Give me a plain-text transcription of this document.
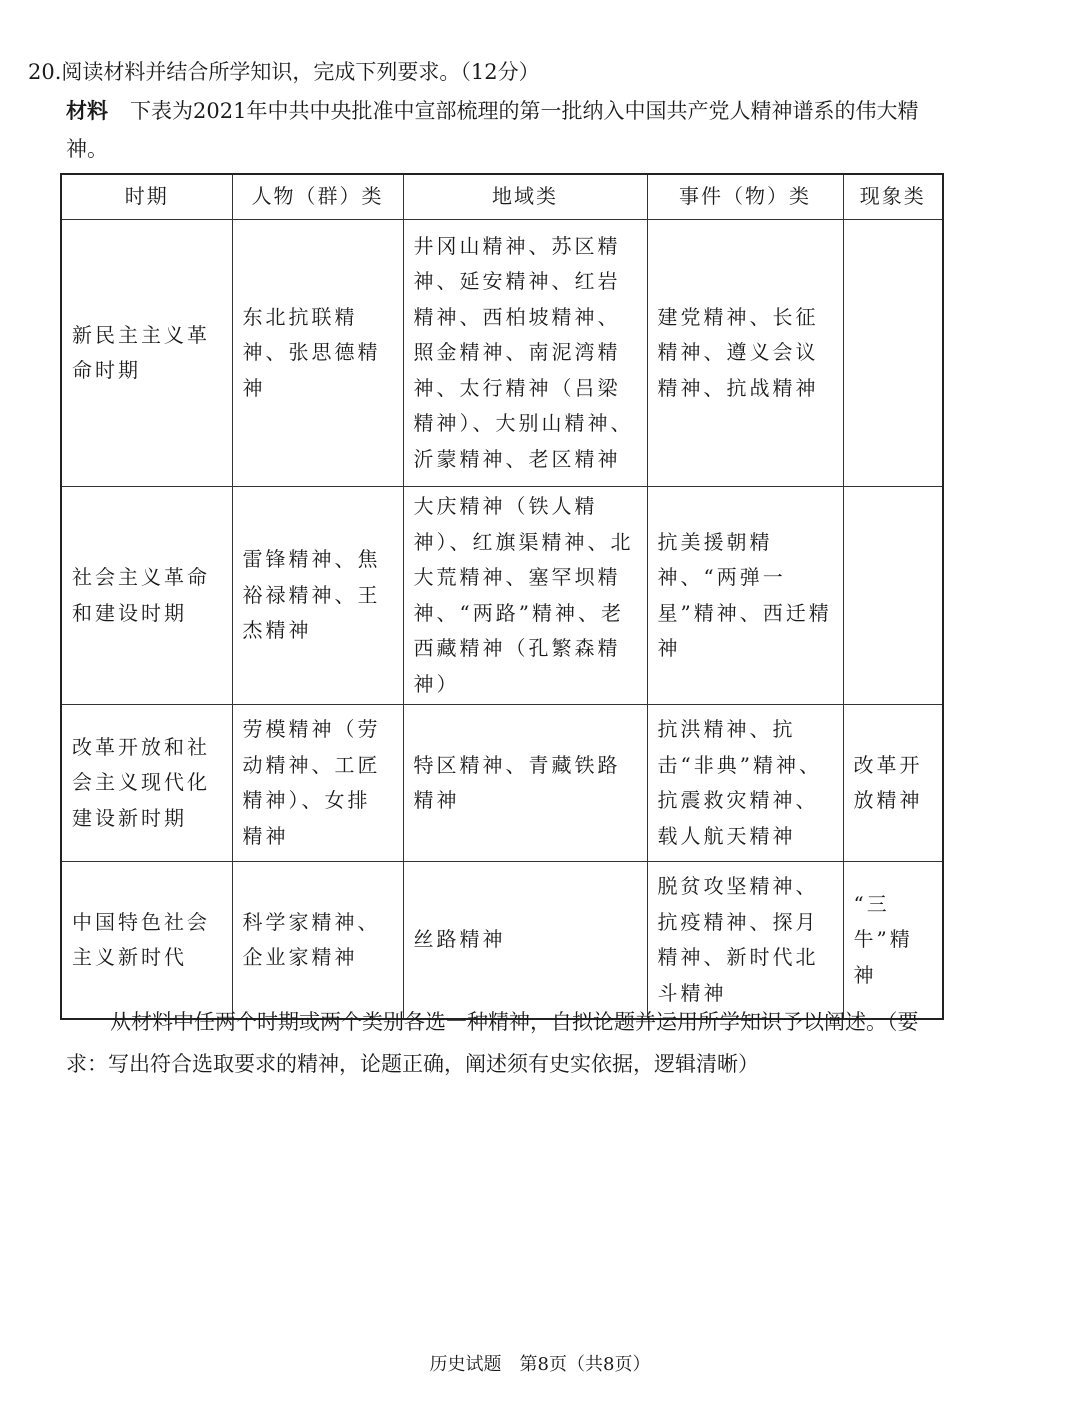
20.阅读材料并结合所学知识，完成下列要求。（12分）
材料 下表为2021年中共中央批准中宣部梳理的第一批纳入中国共产党人精神谱系的伟大精神。
时期	人物（群）类	地域类	事件（物）类	现象类
新民主主义革命时期	东北抗联精神、张思德精神	井冈山精神、苏区精神、延安精神、红岩精神、西柏坡精神、照金精神、南泥湾精神、太行精神（吕梁精神）、大别山精神、沂蒙精神、老区精神	建党精神、长征精神、遵义会议精神、抗战精神	
社会主义革命和建设时期	雷锋精神、焦裕禄精神、王杰精神	大庆精神（铁人精神）、红旗渠精神、北大荒精神、塞罕坝精神、“两路”精神、老西藏精神（孔繁森精神）	抗美援朝精神、“两弹一星”精神、西迁精神	
改革开放和社会主义现代化建设新时期	劳模精神（劳动精神、工匠精神）、女排精神	特区精神、青藏铁路精神	抗洪精神、抗击“非典”精神、抗震救灾精神、载人航天精神	改革开放精神
中国特色社会主义新时代	科学家精神、企业家精神	丝路精神	脱贫攻坚精神、抗疫精神、探月精神、新时代北斗精神	“三牛”精神
从材料中任两个时期或两个类别各选一种精神，自拟论题并运用所学知识予以阐述。（要求：写出符合选取要求的精神，论题正确，阐述须有史实依据，逻辑清晰）
历史试题　第8页（共8页）
